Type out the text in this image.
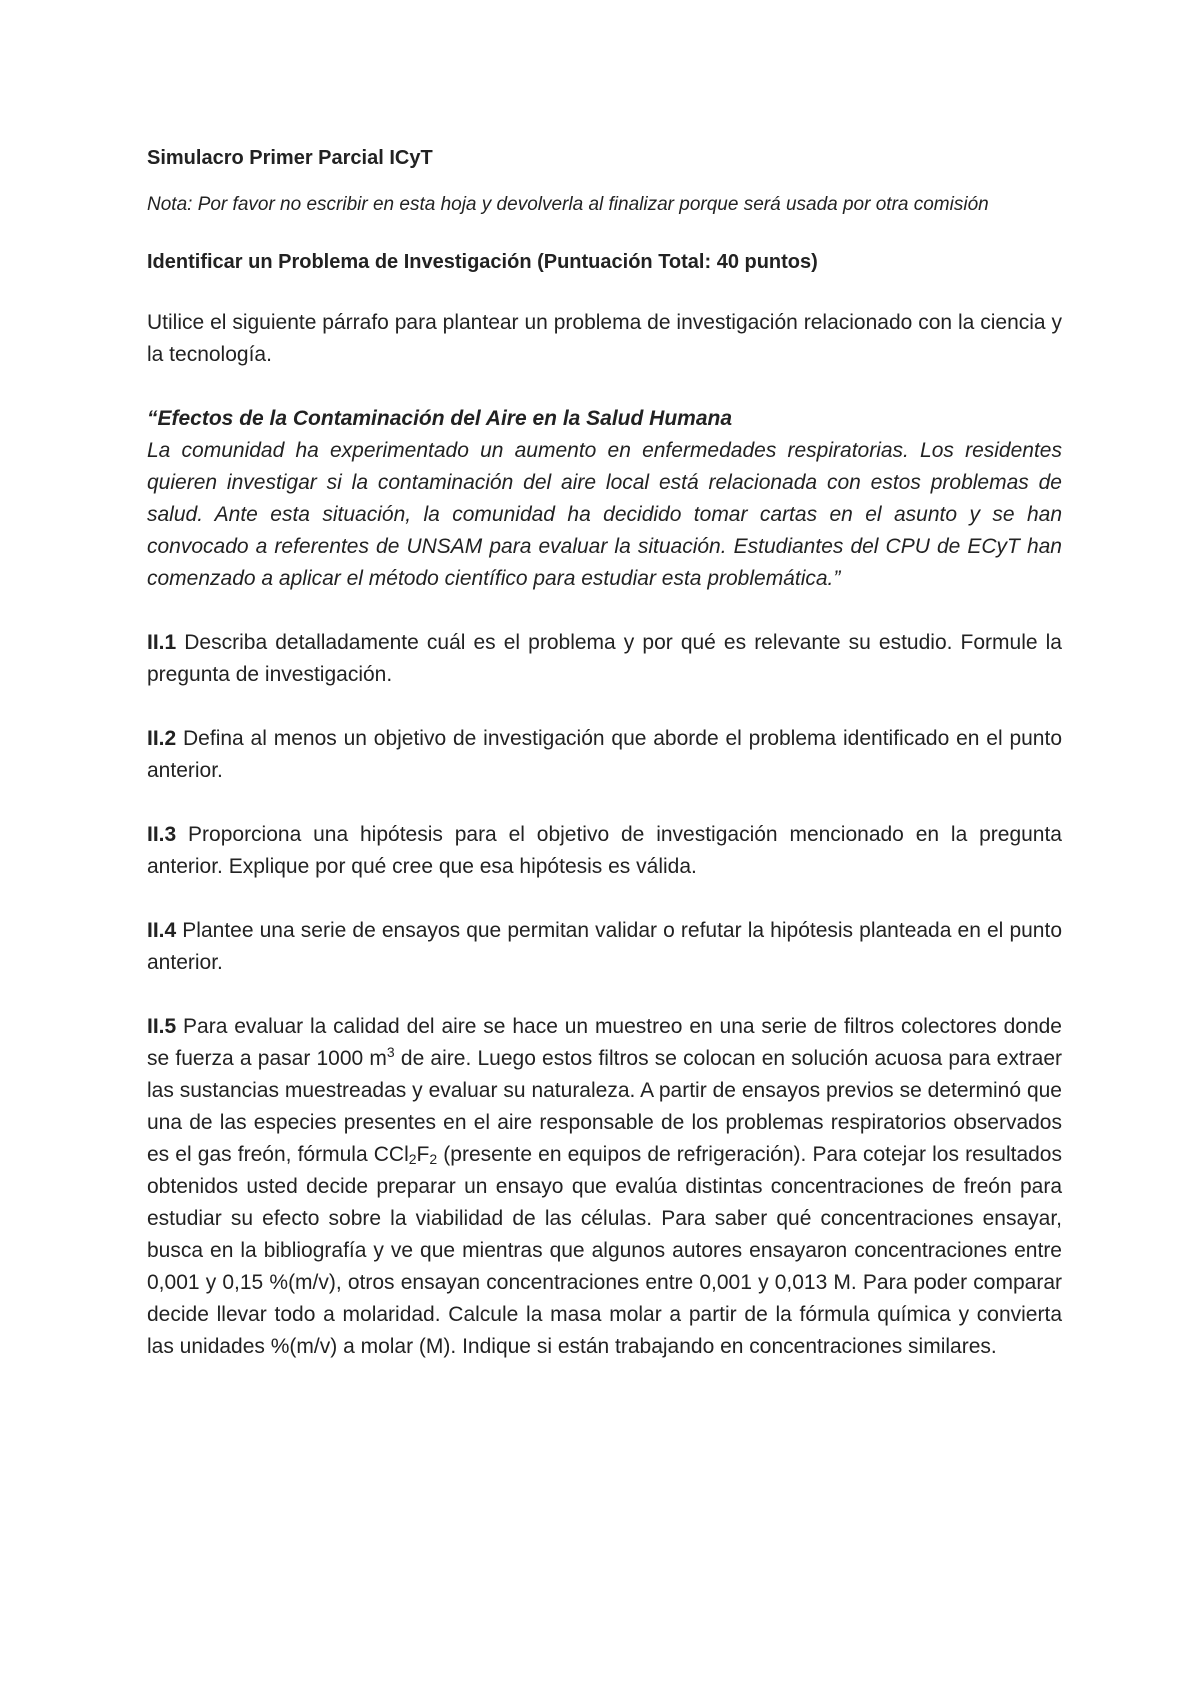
Simulacro Primer Parcial ICyT
Nota: Por favor no escribir en esta hoja y devolverla al finalizar porque será usada por otra comisión
Identificar un Problema de Investigación (Puntuación Total: 40 puntos)
Utilice el siguiente párrafo para plantear un problema de investigación relacionado con la ciencia y la tecnología.
“Efectos de la Contaminación del Aire en la Salud Humana
La comunidad ha experimentado un aumento en enfermedades respiratorias. Los residentes quieren investigar si la contaminación del aire local está relacionada con estos problemas de salud. Ante esta situación, la comunidad ha decidido tomar cartas en el asunto y se han convocado a referentes de UNSAM para evaluar la situación. Estudiantes del CPU de ECyT han comenzado a aplicar el método científico para estudiar esta problemática.”
II.1 Describa detalladamente cuál es el problema y por qué es relevante su estudio. Formule la pregunta de investigación.
II.2 Defina al menos un objetivo de investigación que aborde el problema identificado en el punto anterior.
II.3 Proporciona una hipótesis para el objetivo de investigación mencionado en la pregunta anterior. Explique por qué cree que esa hipótesis es válida.
II.4 Plantee una serie de ensayos que permitan validar o refutar la hipótesis planteada en el punto anterior.
II.5 Para evaluar la calidad del aire se hace un muestreo en una serie de filtros colectores donde se fuerza a pasar 1000 $m^3$ de aire. Luego estos filtros se colocan en solución acuosa para extraer las sustancias muestreadas y evaluar su naturaleza. A partir de ensayos previos se determinó que una de las especies presentes en el aire responsable de los problemas respiratorios observados es el gas freón, fórmula $CCl_2F_2$ (presente en equipos de refrigeración). Para cotejar los resultados obtenidos usted decide preparar un ensayo que evalúa distintas concentraciones de freón para estudiar su efecto sobre la viabilidad de las células. Para saber qué concentraciones ensayar, busca en la bibliografía y ve que mientras que algunos autores ensayaron concentraciones entre 0,001 y 0,15 %(m/v), otros ensayan concentraciones entre 0,001 y 0,013 M. Para poder comparar decide llevar todo a molaridad. Calcule la masa molar a partir de la fórmula química y convierta las unidades %(m/v) a molar (M). Indique si están trabajando en concentraciones similares.
